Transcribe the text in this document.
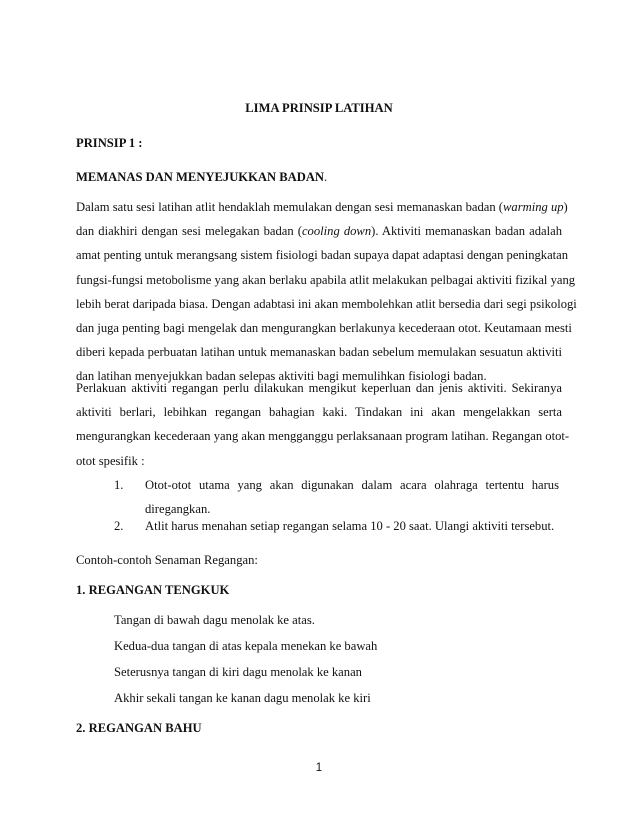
LIMA PRINSIP LATIHAN
PRINSIP 1 :
MEMANAS DAN MENYEJUKKAN BADAN.
Dalam satu sesi latihan atlit hendaklah memulakan dengan sesi memanaskan badan (warming up)
dan diakhiri dengan sesi melegakan badan (cooling down). Aktiviti memanaskan badan adalah
amat penting untuk merangsang sistem fisiologi badan supaya dapat adaptasi dengan peningkatan
fungsi-fungsi metobolisme yang akan berlaku apabila atlit melakukan pelbagai aktiviti fizikal yang
lebih berat daripada biasa. Dengan adabtasi ini akan membolehkan atlit bersedia dari segi psikologi
dan juga penting bagi mengelak dan mengurangkan berlakunya kecederaan otot. Keutamaan mesti
diberi kepada perbuatan latihan untuk memanaskan badan sebelum memulakan sesuatun aktiviti
dan latihan menyejukkan badan selepas aktiviti bagi memulihkan fisiologi badan.
Perlakuan aktiviti regangan perlu dilakukan mengikut keperluan dan jenis aktiviti. Sekiranya
aktiviti berlari, lebihkan regangan bahagian kaki. Tindakan ini akan mengelakkan serta
mengurangkan kecederaan yang akan mengganggu perlaksanaan program latihan. Regangan otot-
otot spesifik :
1. Otot-otot utama yang akan digunakan dalam acara olahraga tertentu harus
diregangkan.
2. Atlit harus menahan setiap regangan selama 10 - 20 saat. Ulangi aktiviti tersebut.
Contoh-contoh Senaman Regangan:
1. REGANGAN TENGKUK
Tangan di bawah dagu menolak ke atas.
Kedua-dua tangan di atas kepala menekan ke bawah
Seterusnya tangan di kiri dagu menolak ke kanan
Akhir sekali tangan ke kanan dagu menolak ke kiri
2. REGANGAN BAHU
1
